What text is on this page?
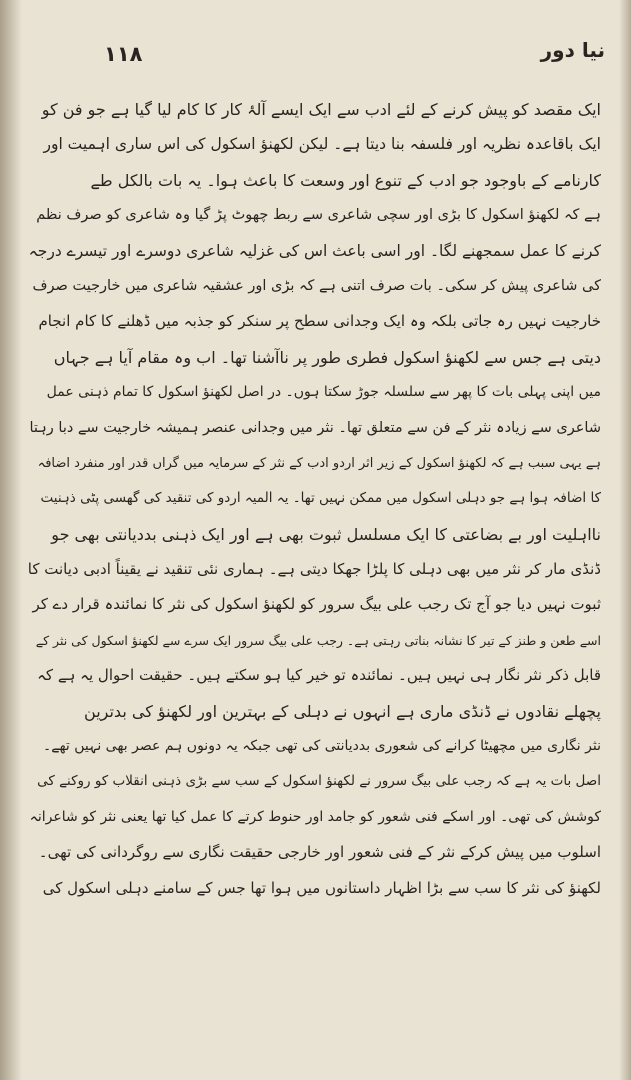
نیا دور
۱۱۸
ایک مقصد کو پیش کرنے کے لئے ادب سے ایک ایسے آلۂ کار کا کام لیا گیا ہے جو فن کو
ایک باقاعدہ نظریہ اور فلسفہ بنا دیتا ہے۔ لیکن لکھنؤ اسکول کی اس ساری اہمیت اور
کارنامے کے باوجود جو ادب کے تنوع اور وسعت کا باعث ہوا۔ یہ بات بالکل طے
ہے کہ لکھنؤ اسکول کا بڑی اور سچی شاعری سے ربط چھوٹ پڑ گیا وہ شاعری کو صرف نظم
کرنے کا عمل سمجھنے لگا۔ اور اسی باعث اس کی غزلیہ شاعری دوسرے اور تیسرے درجہ
کی شاعری پیش کر سکی۔ بات صرف اتنی ہے کہ بڑی اور عشقیہ شاعری میں خارجیت صرف
خارجیت نہیں رہ جاتی بلکہ وہ ایک وجدانی سطح پر سنکر کو جذبہ میں ڈھلنے کا کام انجام
دیتی ہے جس سے لکھنؤ اسکول فطری طور پر ناآشنا تھا۔ اب وہ مقام آیا ہے جہاں
میں اپنی پہلی بات کا پھر سے سلسلہ جوڑ سکتا ہوں۔ در اصل لکھنؤ اسکول کا تمام ذہنی عمل
شاعری سے زیادہ نثر کے فن سے متعلق تھا۔ نثر میں وجدانی عنصر ہمیشہ خارجیت سے دبا رہتا
ہے یہی سبب ہے کہ لکھنؤ اسکول کے زیر اثر اردو ادب کے نثر کے سرمایہ میں گراں قدر اور منفرد اضافہ
کا اضافہ ہوا ہے جو دہلی اسکول میں ممکن نہیں تھا۔ یہ المیہ اردو کی تنقید کی گھسی پٹی ذہنیت
نااہلیت اور بے بضاعتی کا ایک مسلسل ثبوت بھی ہے اور ایک ذہنی بددیانتی بھی جو
ڈنڈی مار کر نثر میں بھی دہلی کا پلڑا جھکا دیتی ہے۔ ہماری نئی تنقید نے یقیناً ادبی دیانت کا
ثبوت نہیں دیا جو آج تک رجب علی بیگ سرور کو لکھنؤ اسکول کی نثر کا نمائندہ قرار دے کر
اسے طعن و طنز کے تیر کا نشانہ بناتی رہتی ہے۔ رجب علی بیگ سرور ایک سرے سے لکھنؤ اسکول کی نثر کے
قابل ذکر نثر نگار ہی نہیں ہیں۔ نمائندہ تو خیر کیا ہو سکتے ہیں۔ حقیقت احوال یہ ہے کہ
پچھلے نقادوں نے ڈنڈی ماری ہے انہوں نے دہلی کے بہترین اور لکھنؤ کی بدترین
نثر نگاری میں مچھیٹا کرانے کی شعوری بددیانتی کی تھی جبکہ یہ دونوں ہم عصر بھی نہیں تھے۔
اصل بات یہ ہے کہ رجب علی بیگ سرور نے لکھنؤ اسکول کے سب سے بڑی ذہنی انقلاب کو روکنے کی
کوشش کی تھی۔ اور اسکے فنی شعور کو جامد اور حنوط کرتے کا عمل کیا تھا یعنی نثر کو شاعرانہ
اسلوب میں پیش کرکے نثر کے فنی شعور اور خارجی حقیقت نگاری سے روگردانی کی تھی۔
لکھنؤ کی نثر کا سب سے بڑا اظہار داستانوں میں ہوا تھا جس کے سامنے دہلی اسکول کی
